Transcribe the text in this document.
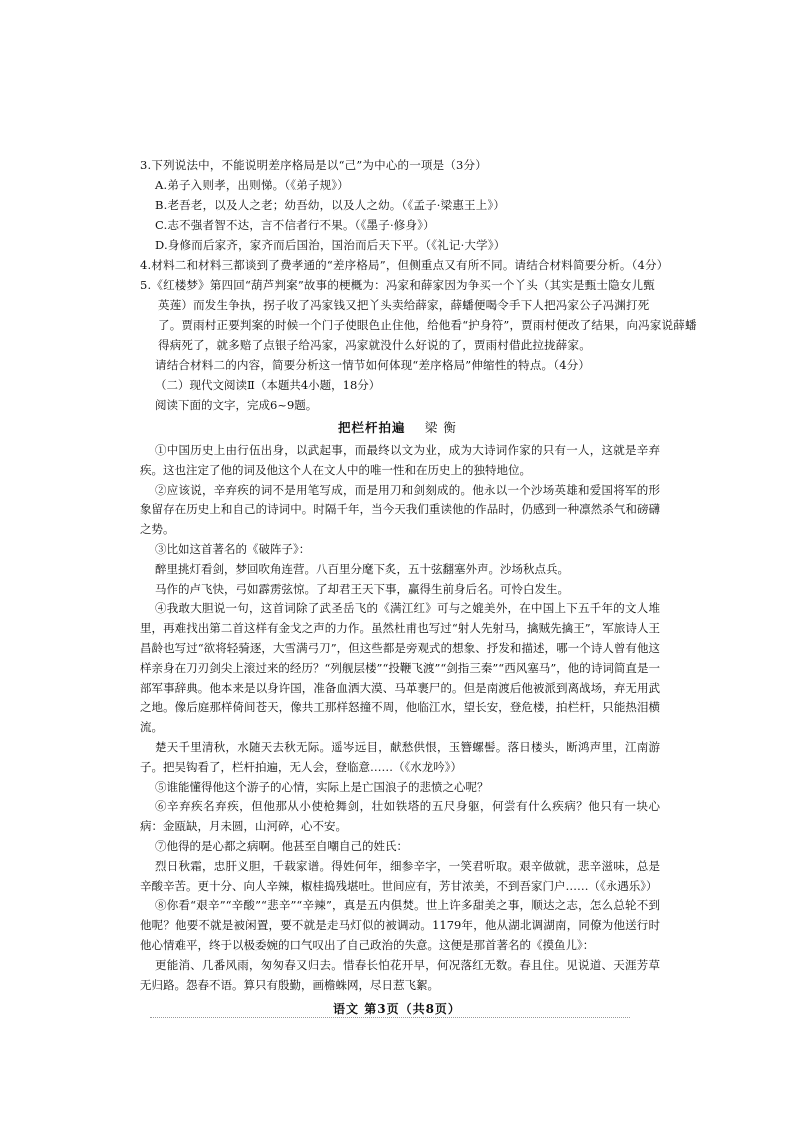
3.下列说法中，不能说明差序格局是以“己”为中心的一项是（3分）
A.弟子入则孝，出则悌。（《弟子规》）
B.老吾老，以及人之老；幼吾幼，以及人之幼。（《孟子·梁惠王上》）
C.志不强者智不达，言不信者行不果。（《墨子·修身》）
D.身修而后家齐，家齐而后国治，国治而后天下平。（《礼记·大学》）
4.材料二和材料三都谈到了费孝通的“差序格局”，但侧重点又有所不同。请结合材料简要分析。（4分）
5.《红楼梦》第四回“葫芦判案”故事的梗概为：冯家和薛家因为争买一个丫头（其实是甄士隐女儿甄
英莲）而发生争执，拐子收了冯家钱又把丫头卖给薛家，薛蟠便喝令手下人把冯家公子冯渊打死
了。贾雨村正要判案的时候一个门子使眼色止住他，给他看“护身符”，贾雨村便改了结果，向冯家说薛蟠
得病死了，就多赔了点银子给冯家，冯家就没什么好说的了，贾雨村借此拉拢薛家。
请结合材料二的内容，简要分析这一情节如何体现“差序格局”伸缩性的特点。（4分）
（二）现代文阅读Ⅱ（本题共4小题，18分）
阅读下面的文字，完成6~9题。
把栏杆拍遍 梁衡

①中国历史上由行伍出身，以武起事，而最终以文为业，成为大诗词作家的只有一人，这就是辛弃疾。这也注定了他的词及他这个人在文人中的唯一性和在历史上的独特地位。

②应该说，辛弃疾的词不是用笔写成，而是用刀和剑刻成的。他永以一个沙场英雄和爱国将军的形象留存在历史上和自己的诗词中。时隔千年，当今天我们重读他的作品时，仍感到一种凛然杀气和磅礴之势。

③比如这首著名的《破阵子》：

醉里挑灯看剑，梦回吹角连营。八百里分麾下炙，五十弦翻塞外声。沙场秋点兵。

马作的卢飞快，弓如霹雳弦惊。了却君王天下事，赢得生前身后名。可怜白发生。

④我敢大胆说一句，这首词除了武圣岳飞的《满江红》可与之媲美外，在中国上下五千年的文人堆里，再难找出第二首这样有金戈之声的力作。虽然杜甫也写过“射人先射马，擒贼先擒王”，军旅诗人王昌龄也写过“欲将轻骑逐，大雪满弓刀”，但这些都是旁观式的想象、抒发和描述，哪一个诗人曾有他这样亲身在刀刃剑尖上滚过来的经历？“列舰层楼”“投鞭飞渡”“剑指三秦”“西风塞马”，他的诗词简直是一部军事辞典。他本来是以身许国，准备血洒大漠、马革裹尸的。但是南渡后他被派到离战场，弃无用武之地。像后庭那样倚间苍天，像共工那样怒撞不周，他临江水，望长安，登危楼，拍栏杆，只能热泪横流。

楚天千里清秋，水随天去秋无际。遥岑远目，献愁供恨，玉簪螺髻。落日楼头，断鸿声里，江南游子。把吴钩看了，栏杆拍遍，无人会，登临意……（《水龙吟》）

⑤谁能懂得他这个游子的心情，实际上是亡国浪子的悲愤之心呢？

⑥辛弃疾名弃疾，但他那从小使枪舞剑，壮如铁塔的五尺身躯，何尝有什么疾病？他只有一块心病：金瓯缺，月未圆，山河碎，心不安。

⑦他得的是心都之病啊。他甚至自嘲自己的姓氏：

烈日秋霜，忠肝义胆，千载家谱。得姓何年，细参辛字，一笑君听取。艰辛做就，悲辛滋味，总是辛酸辛苦。更十分、向人辛辣，椒桂捣残堪吐。世间应有，芳甘浓美，不到吾家门户……（《永遇乐》）

⑧你看“艰辛”“辛酸”“悲辛”“辛辣”，真是五内俱焚。世上许多甜美之事，顺达之志，怎么总轮不到他呢？他要不就是被闲置，要不就是走马灯似的被调动。1179年，他从湖北调湖南，同僚为他送行时他心情难平，终于以极委婉的口气叹出了自己政治的失意。这便是那首著名的《摸鱼儿》：

更能消、几番风雨，匆匆春又归去。惜春长怕花开早，何况落红无数。春且住。见说道、天涯芳草无归路。怨春不语。算只有殷勤，画檐蛛网，尽日惹飞絮。

语文 第3页（共8页）
